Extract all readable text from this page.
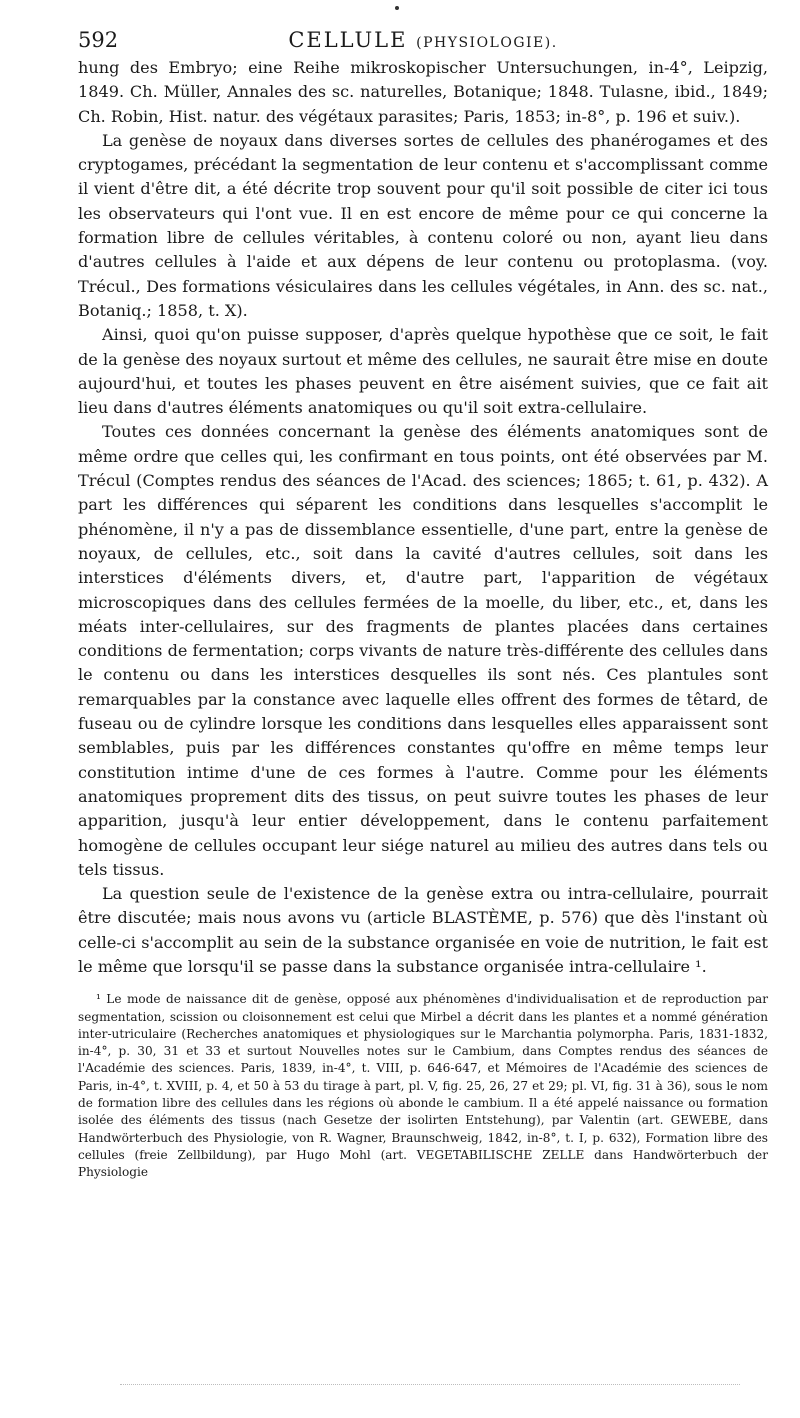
592	CELLULE (PHYSIOLOGIE).

hung des Embryo; eine Reihe mikroskopischer Untersuchungen, in-4°, Leipzig, 1849. Ch. Müller, Annales des sc. naturelles, Botanique; 1848. Tulasne, ibid., 1849; Ch. Robin, Hist. natur. des végétaux parasites; Paris, 1853; in-8°, p. 196 et suiv.).

La genèse de noyaux dans diverses sortes de cellules des phanérogames et des cryptogames, précédant la segmentation de leur contenu et s'accomplissant comme il vient d'être dit, a été décrite trop souvent pour qu'il soit possible de citer ici tous les observateurs qui l'ont vue. Il en est encore de même pour ce qui concerne la formation libre de cellules véritables, à contenu coloré ou non, ayant lieu dans d'autres cellules à l'aide et aux dépens de leur contenu ou protoplasma. (voy. Trécul., Des formations vésiculaires dans les cellules végétales, in Ann. des sc. nat., Botaniq.; 1858, t. X).

Ainsi, quoi qu'on puisse supposer, d'après quelque hypothèse que ce soit, le fait de la genèse des noyaux surtout et même des cellules, ne saurait être mise en doute aujourd'hui, et toutes les phases peuvent en être aisément suivies, que ce fait ait lieu dans d'autres éléments anatomiques ou qu'il soit extra-cellulaire.

Toutes ces données concernant la genèse des éléments anatomiques sont de même ordre que celles qui, les confirmant en tous points, ont été observées par M. Trécul (Comptes rendus des séances de l'Acad. des sciences; 1865; t. 61, p. 432). A part les différences qui séparent les conditions dans lesquelles s'accomplit le phénomène, il n'y a pas de dissemblance essentielle, d'une part, entre la genèse de noyaux, de cellules, etc., soit dans la cavité d'autres cellules, soit dans les interstices d'éléments divers, et, d'autre part, l'apparition de végétaux microscopiques dans des cellules fermées de la moelle, du liber, etc., et, dans les méats inter-cellulaires, sur des fragments de plantes placées dans certaines conditions de fermentation; corps vivants de nature très-différente des cellules dans le contenu ou dans les interstices desquelles ils sont nés. Ces plantules sont remarquables par la constance avec laquelle elles offrent des formes de têtard, de fuseau ou de cylindre lorsque les conditions dans lesquelles elles apparaissent sont semblables, puis par les différences constantes qu'offre en même temps leur constitution intime d'une de ces formes à l'autre. Comme pour les éléments anatomiques proprement dits des tissus, on peut suivre toutes les phases de leur apparition, jusqu'à leur entier développement, dans le contenu parfaitement homogène de cellules occupant leur siége naturel au milieu des autres dans tels ou tels tissus.

La question seule de l'existence de la genèse extra ou intra-cellulaire, pourrait être discutée; mais nous avons vu (article BLASTÈME, p. 576) que dès l'instant où celle-ci s'accomplit au sein de la substance organisée en voie de nutrition, le fait est le même que lorsqu'il se passe dans la substance organisée intra-cellulaire ¹.

¹ Le mode de naissance dit de genèse, opposé aux phénomènes d'individualisation et de reproduction par segmentation, scission ou cloisonnement est celui que Mirbel a décrit dans les plantes et a nommé génération inter-utriculaire (Recherches anatomiques et physiologiques sur le Marchantia polymorpha. Paris, 1831-1832, in-4°, p. 30, 31 et 33 et surtout Nouvelles notes sur le Cambium, dans Comptes rendus des séances de l'Académie des sciences. Paris, 1839, in-4°, t. VIII, p. 646-647, et Mémoires de l'Académie des sciences de Paris, in-4°, t. XVIII, p. 4, et 50 à 53 du tirage à part, pl. V, fig. 25, 26, 27 et 29; pl. VI, fig. 31 à 36), sous le nom de formation libre des cellules dans les régions où abonde le cambium. Il a été appelé naissance ou formation isolée des éléments des tissus (nach Gesetze der isolirten Entstehung), par Valentin (art. GEWEBE, dans Handwörterbuch des Physiologie, von R. Wagner, Braunschweig, 1842, in-8°, t. I, p. 632), Formation libre des cellules (freie Zellbildung), par Hugo Mohl (art. VEGETABILISCHE ZELLE dans Handwörterbuch der Physiologie
